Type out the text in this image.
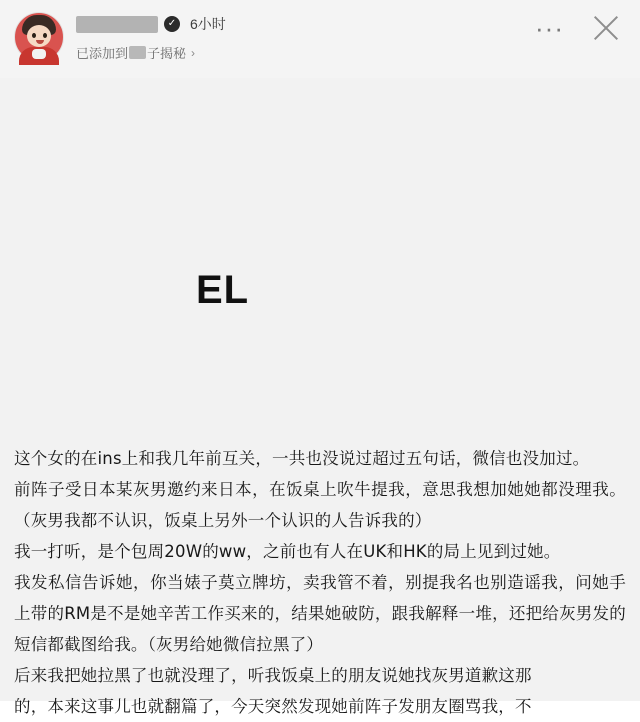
✓ 6小时
已添加到 子揭秘 ›
···
EL

这个女的在ins上和我几年前互关，一共也没说过超过五句话，微信也没加过。

前阵子受日本某灰男邀约来日本，在饭桌上吹牛提我，意思我想加她她都没理我。（灰男我都不认识，饭桌上另外一个认识的人告诉我的）

我一打听，是个包周20W的ww，之前也有人在UK和HK的局上见到过她。

我发私信告诉她，你当婊子莫立牌坊，卖我管不着，别提我名也别造谣我，问她手上带的RM是不是她辛苦工作买来的，结果她破防，跟我解释一堆，还把给灰男发的短信都截图给我。（灰男给她微信拉黑了）

后来我把她拉黑了也就没理了，听我饭桌上的朋友说她找灰男道歉这那

的，本来这事儿也就翻篇了，今天突然发现她前阵子发朋友圈骂我，不
